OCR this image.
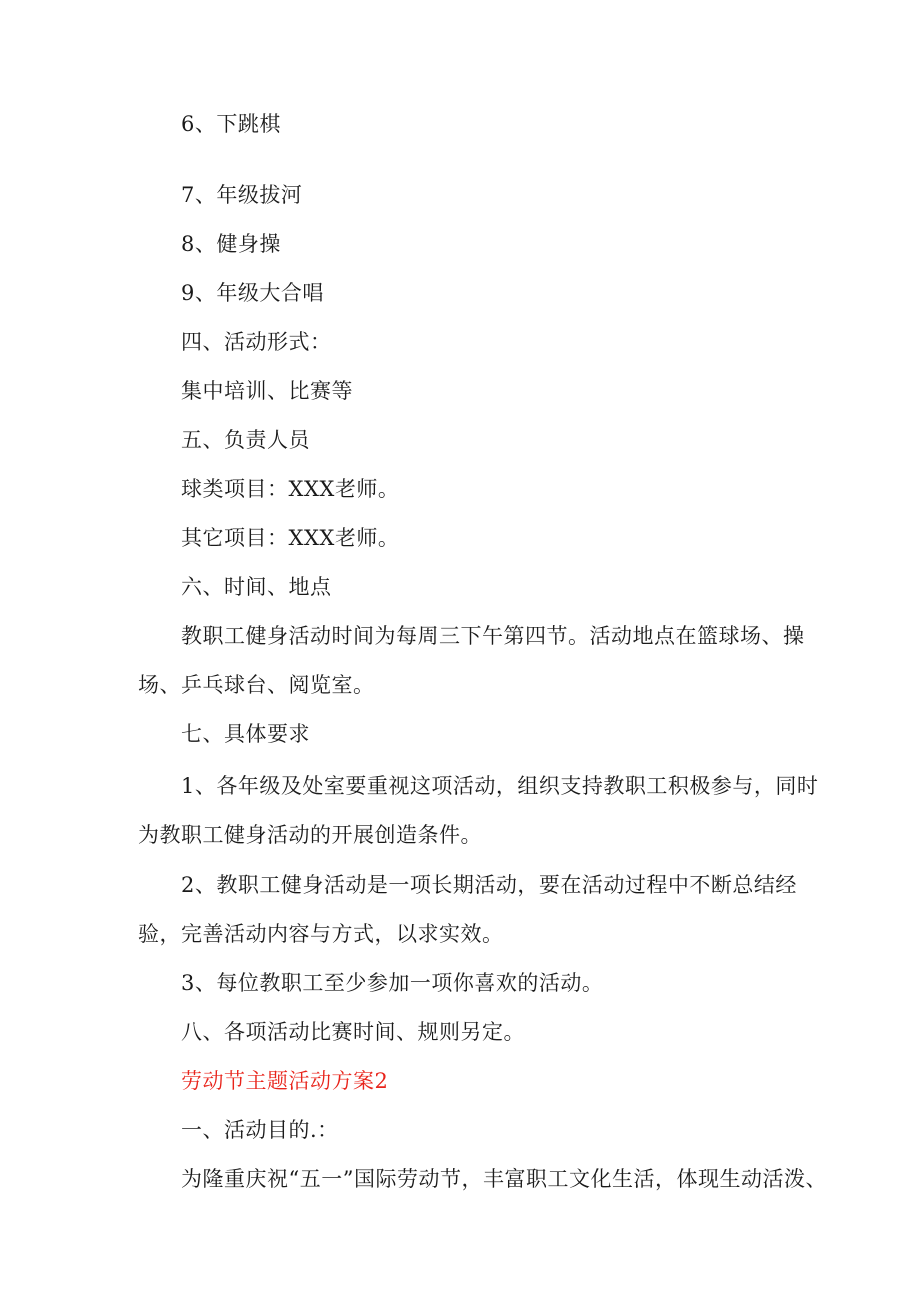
6、下跳棋
7、年级拔河
8、健身操
9、年级大合唱
四、活动形式：
集中培训、比赛等
五、负责人员
球类项目：XXX老师。
其它项目：XXX老师。
六、时间、地点
教职工健身活动时间为每周三下午第四节。活动地点在篮球场、操
场、乒乓球台、阅览室。
七、具体要求
1、各年级及处室要重视这项活动，组织支持教职工积极参与，同时
为教职工健身活动的开展创造条件。
2、教职工健身活动是一项长期活动，要在活动过程中不断总结经
验，完善活动内容与方式，以求实效。
3、每位教职工至少参加一项你喜欢的活动。
八、各项活动比赛时间、规则另定。
劳动节主题活动方案2
一、活动目的.：
为隆重庆祝“五一”国际劳动节，丰富职工文化生活，体现生动活泼、
